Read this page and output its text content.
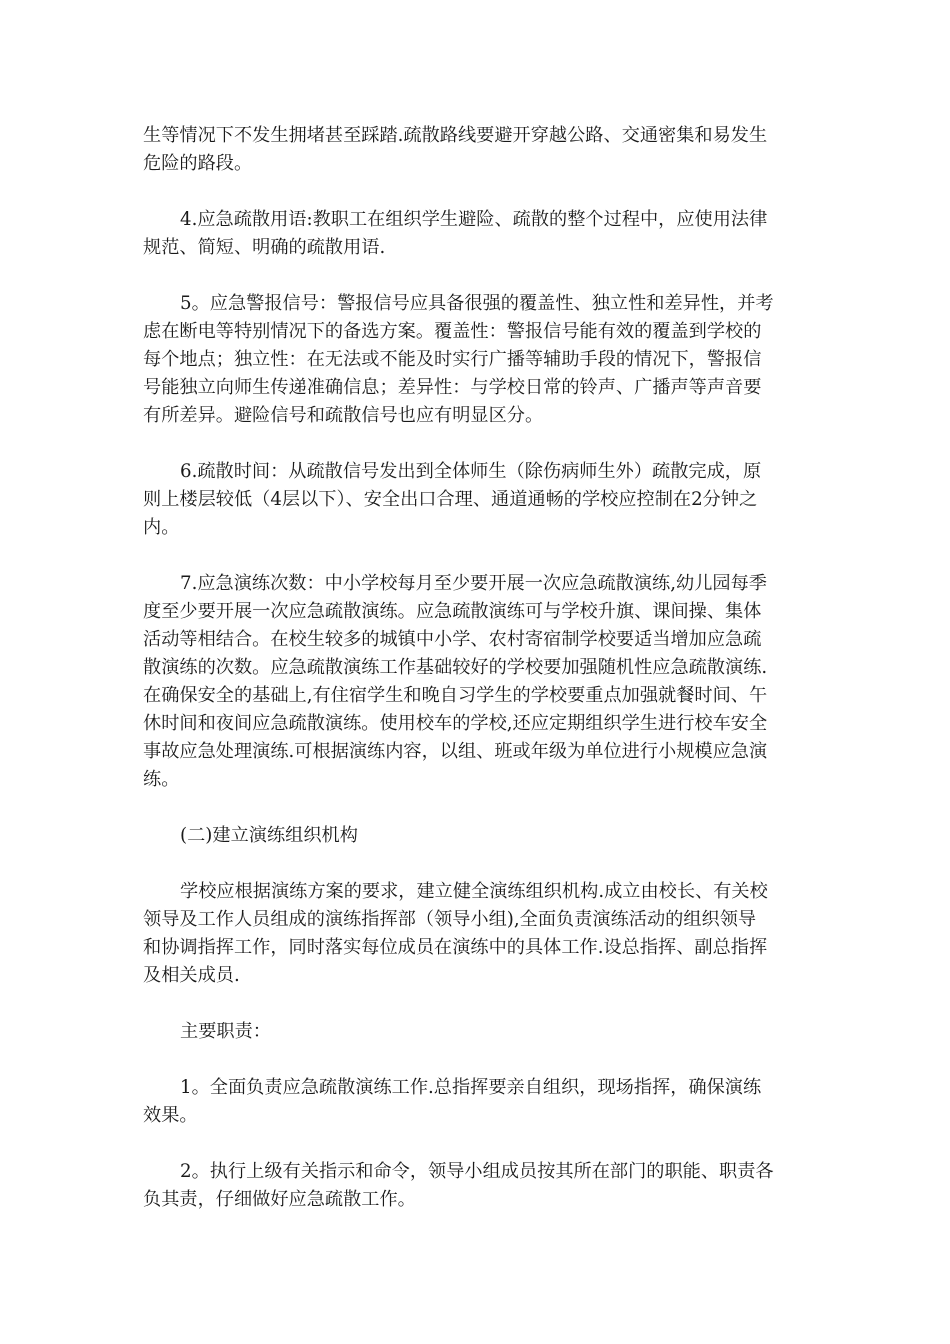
生等情况下不发生拥堵甚至踩踏.疏散路线要避开穿越公路、交通密集和易发生
危险的路段。

4.应急疏散用语:教职工在组织学生避险、疏散的整个过程中，应使用法律
规范、简短、明确的疏散用语.

5。应急警报信号：警报信号应具备很强的覆盖性、独立性和差异性，并考
虑在断电等特别情况下的备选方案。覆盖性：警报信号能有效的覆盖到学校的
每个地点；独立性：在无法或不能及时实行广播等辅助手段的情况下，警报信
号能独立向师生传递准确信息；差异性：与学校日常的铃声、广播声等声音要
有所差异。避险信号和疏散信号也应有明显区分。

6.疏散时间：从疏散信号发出到全体师生（除伤病师生外）疏散完成，原
则上楼层较低（4层以下）、安全出口合理、通道通畅的学校应控制在2分钟之
内。

7.应急演练次数：中小学校每月至少要开展一次应急疏散演练,幼儿园每季
度至少要开展一次应急疏散演练。应急疏散演练可与学校升旗、课间操、集体
活动等相结合。在校生较多的城镇中小学、农村寄宿制学校要适当增加应急疏
散演练的次数。应急疏散演练工作基础较好的学校要加强随机性应急疏散演练.
在确保安全的基础上,有住宿学生和晚自习学生的学校要重点加强就餐时间、午
休时间和夜间应急疏散演练。使用校车的学校,还应定期组织学生进行校车安全
事故应急处理演练.可根据演练内容，以组、班或年级为单位进行小规模应急演
练。

(二)建立演练组织机构

学校应根据演练方案的要求，建立健全演练组织机构.成立由校长、有关校
领导及工作人员组成的演练指挥部（领导小组),全面负责演练活动的组织领导
和协调指挥工作，同时落实每位成员在演练中的具体工作.设总指挥、副总指挥
及相关成员.

主要职责：

1。全面负责应急疏散演练工作.总指挥要亲自组织，现场指挥，确保演练
效果。

2。执行上级有关指示和命令，领导小组成员按其所在部门的职能、职责各
负其责，仔细做好应急疏散工作。
